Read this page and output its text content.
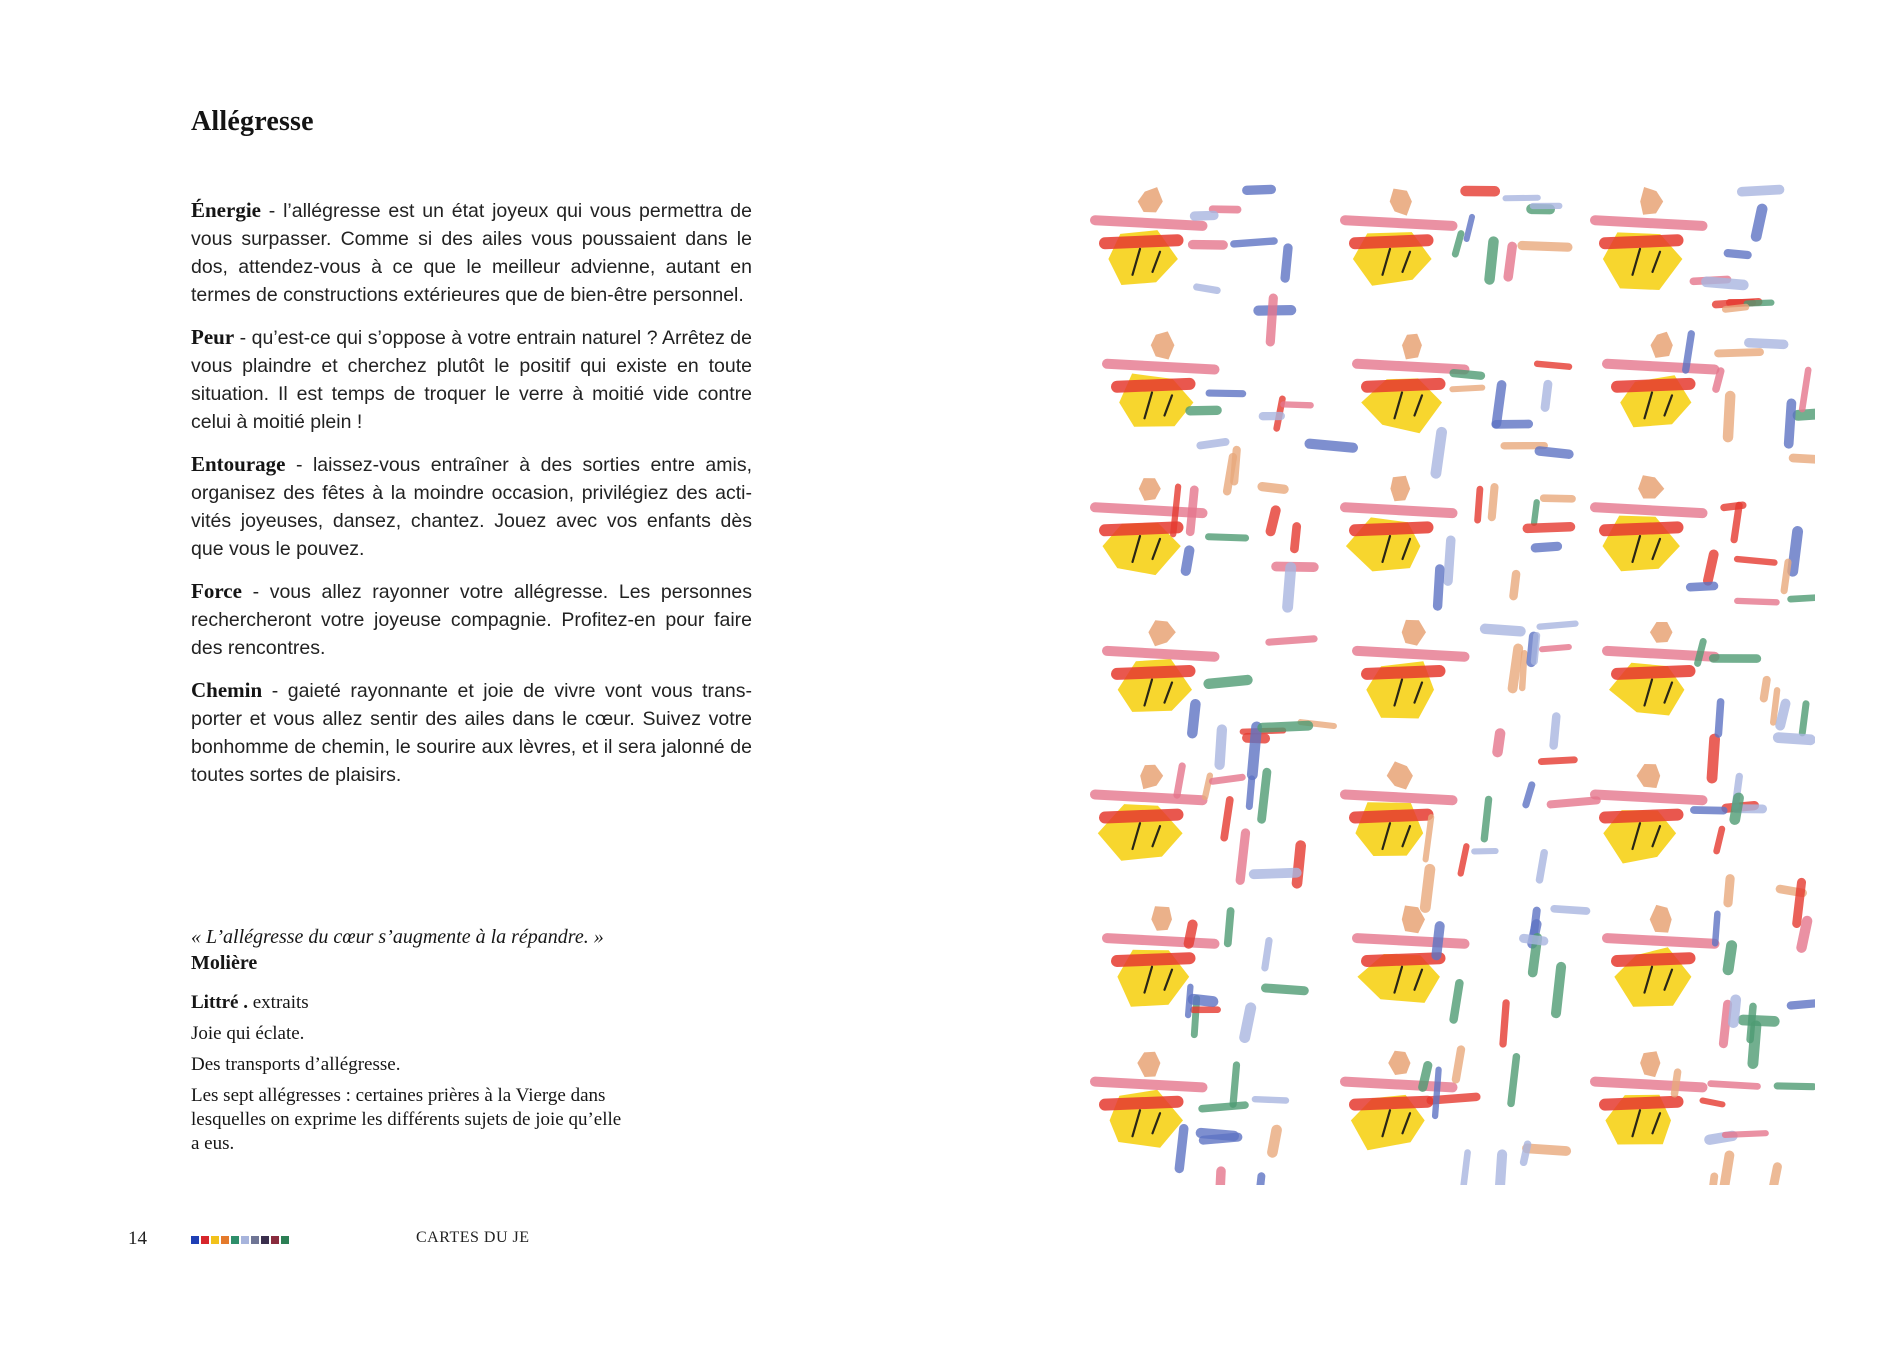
Allégresse

Énergie - l’allégresse est un état joyeux qui vous permettra de vous surpasser. Comme si des ailes vous poussaient dans le dos, attendez-vous à ce que le meilleur advienne, autant en termes de constructions extérieures que de bien-être personnel.

Peur - qu’est-ce qui s’oppose à votre entrain naturel ? Arrêtez de vous plaindre et cherchez plutôt le positif qui existe en toute situation. Il est temps de troquer le verre à moitié vide contre celui à moitié plein !

Entourage - laissez-vous entraîner à des sorties entre amis, organisez des fêtes à la moindre occasion, privilégiez des activités joyeuses, dansez, chantez. Jouez avec vos enfants dès que vous le pouvez.

Force - vous allez rayonner votre allégresse. Les personnes rechercheront votre joyeuse compagnie. Profitez-en pour faire des rencontres.

Chemin - gaieté rayonnante et joie de vivre vont vous transporter et vous allez sentir des ailes dans le cœur. Suivez votre bonhomme de chemin, le sourire aux lèvres, et il sera jalonné de toutes sortes de plaisirs.

« L’allégresse du cœur s’augmente à la répandre. »
Molière
Littré . extraits
Joie qui éclate.
Des transports d’allégresse.
Les sept allégresses : certaines prières à la Vierge dans lesquelles on exprime les différents sujets de joie qu’elle a eus.
14	CARTES DU JE
